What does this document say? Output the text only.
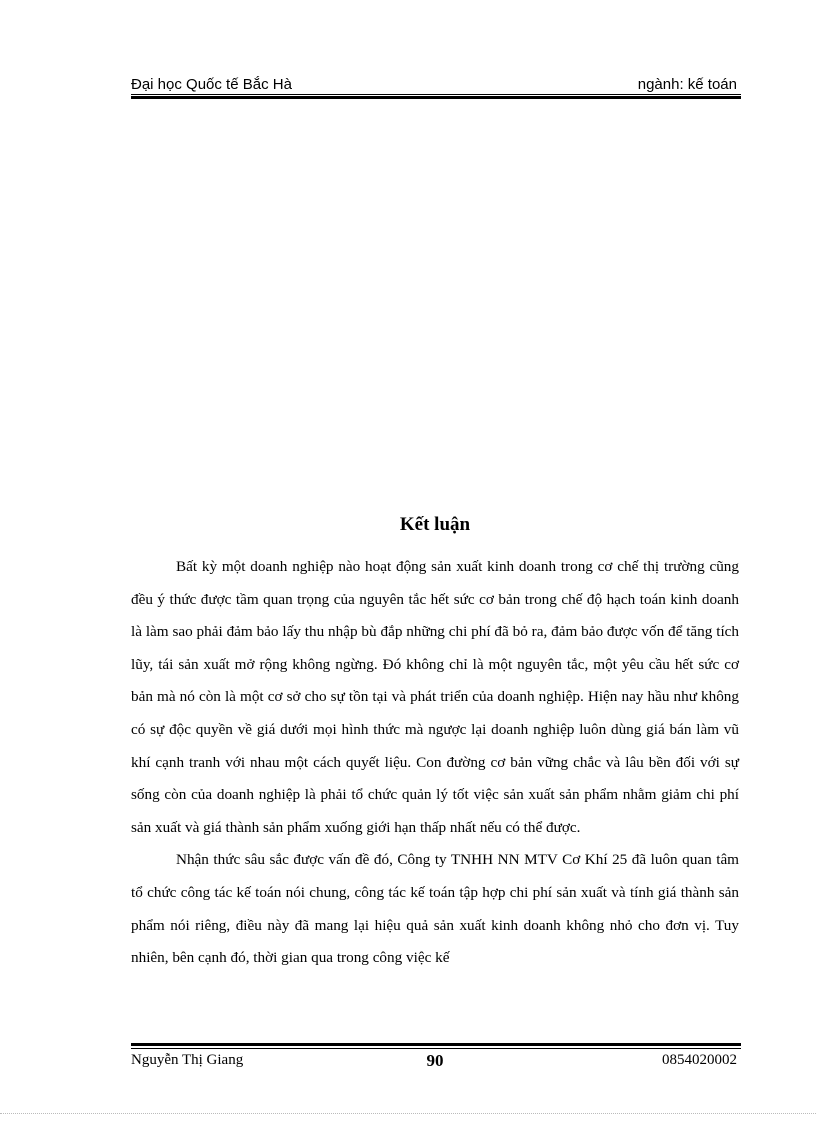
Đại học Quốc tế Bắc Hà	ngành: kế toán
Kết luận

Bất kỳ một doanh nghiệp nào hoạt động sản xuất kinh doanh trong cơ chế thị trường cũng đều ý thức được tầm quan trọng của nguyên tắc hết sức cơ bản trong chế độ hạch toán kinh doanh là làm sao phải đảm bảo lấy thu nhập bù đắp những chi phí đã bỏ ra, đảm bảo được vốn để tăng tích lũy, tái sản xuất mở rộng không ngừng. Đó không chỉ là một nguyên tắc, một yêu cầu hết sức cơ bản mà nó còn là một cơ sở cho sự tồn tại và phát triển của doanh nghiệp. Hiện nay hầu như không có sự độc quyền về giá dưới mọi hình thức mà ngược lại doanh nghiệp luôn dùng giá bán làm vũ khí cạnh tranh với nhau một cách quyết liệu. Con đường cơ bản vững chắc và lâu bền đối với sự sống còn của doanh nghiệp là phải tổ chức quản lý tốt việc sản xuất sản phẩm nhằm giảm chi phí sản xuất và giá thành sản phẩm xuống giới hạn thấp nhất nếu có thể được.

Nhận thức sâu sắc được vấn đề đó, Công ty TNHH NN MTV Cơ Khí 25 đã luôn quan tâm tổ chức công tác kế toán nói chung, công tác kế toán tập hợp chi phí sản xuất và tính giá thành sản phẩm nói riêng, điều này đã mang lại hiệu quả sản xuất kinh doanh không nhỏ cho đơn vị. Tuy nhiên, bên cạnh đó, thời gian qua trong công việc kế

Nguyễn Thị Giang	90	0854020002
